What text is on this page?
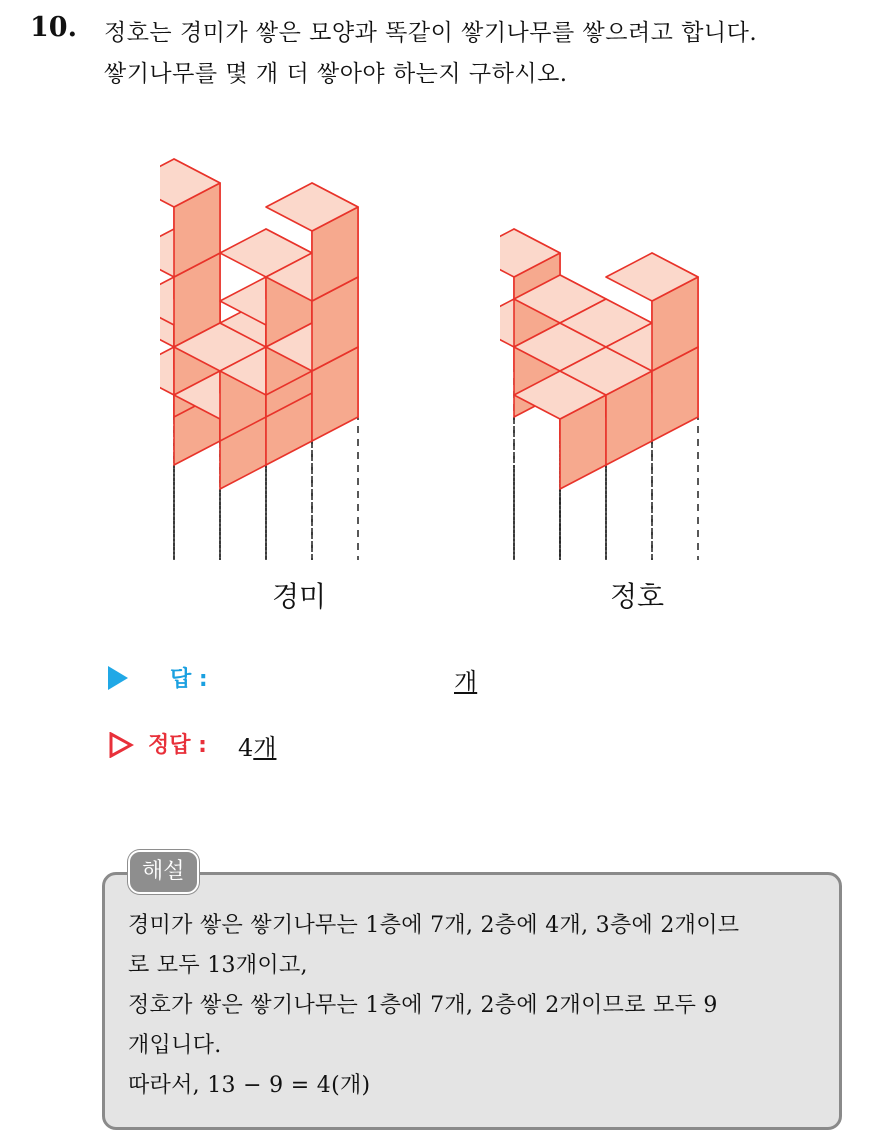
10. 정호는 경미가 쌓은 모양과 똑같이 쌓기나무를 쌓으려고 합니다.
쌓기나무를 몇 개 더 쌓아야 하는지 구하시오.
경미	정호
답 :	개
정답 : 4개
해설
경미가 쌓은 쌓기나무는 1층에 7개, 2층에 4개, 3층에 2개이므
로 모두 13개이고,
정호가 쌓은 쌓기나무는 1층에 7개, 2층에 2개이므로 모두 9
개입니다.
따라서, 13 − 9 = 4(개)
